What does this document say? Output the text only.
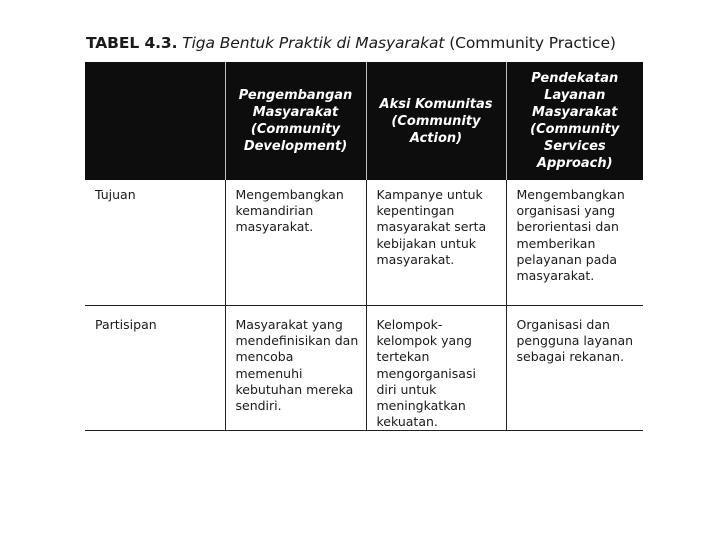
TABEL 4.3. Tiga Bentuk Praktik di Masyarakat (Community Practice)
	Pengembangan Masyarakat (Community Development)	Aksi Komunitas (Community Action)	Pendekatan Layanan Masyarakat (Community Services Approach)
Tujuan	Mengembangkan kemandirian masyarakat.	Kampanye untuk kepentingan masyarakat serta kebijakan untuk masyarakat.	Mengembangkan organisasi yang berorientasi dan memberikan pelayanan pada masyarakat.
Partisipan	Masyarakat yang mendefinisikan dan mencoba memenuhi kebutuhan mereka sendiri.	Kelompok-kelompok yang tertekan mengorganisasi diri untuk meningkatkan kekuatan.	Organisasi dan pengguna layanan sebagai rekanan.
